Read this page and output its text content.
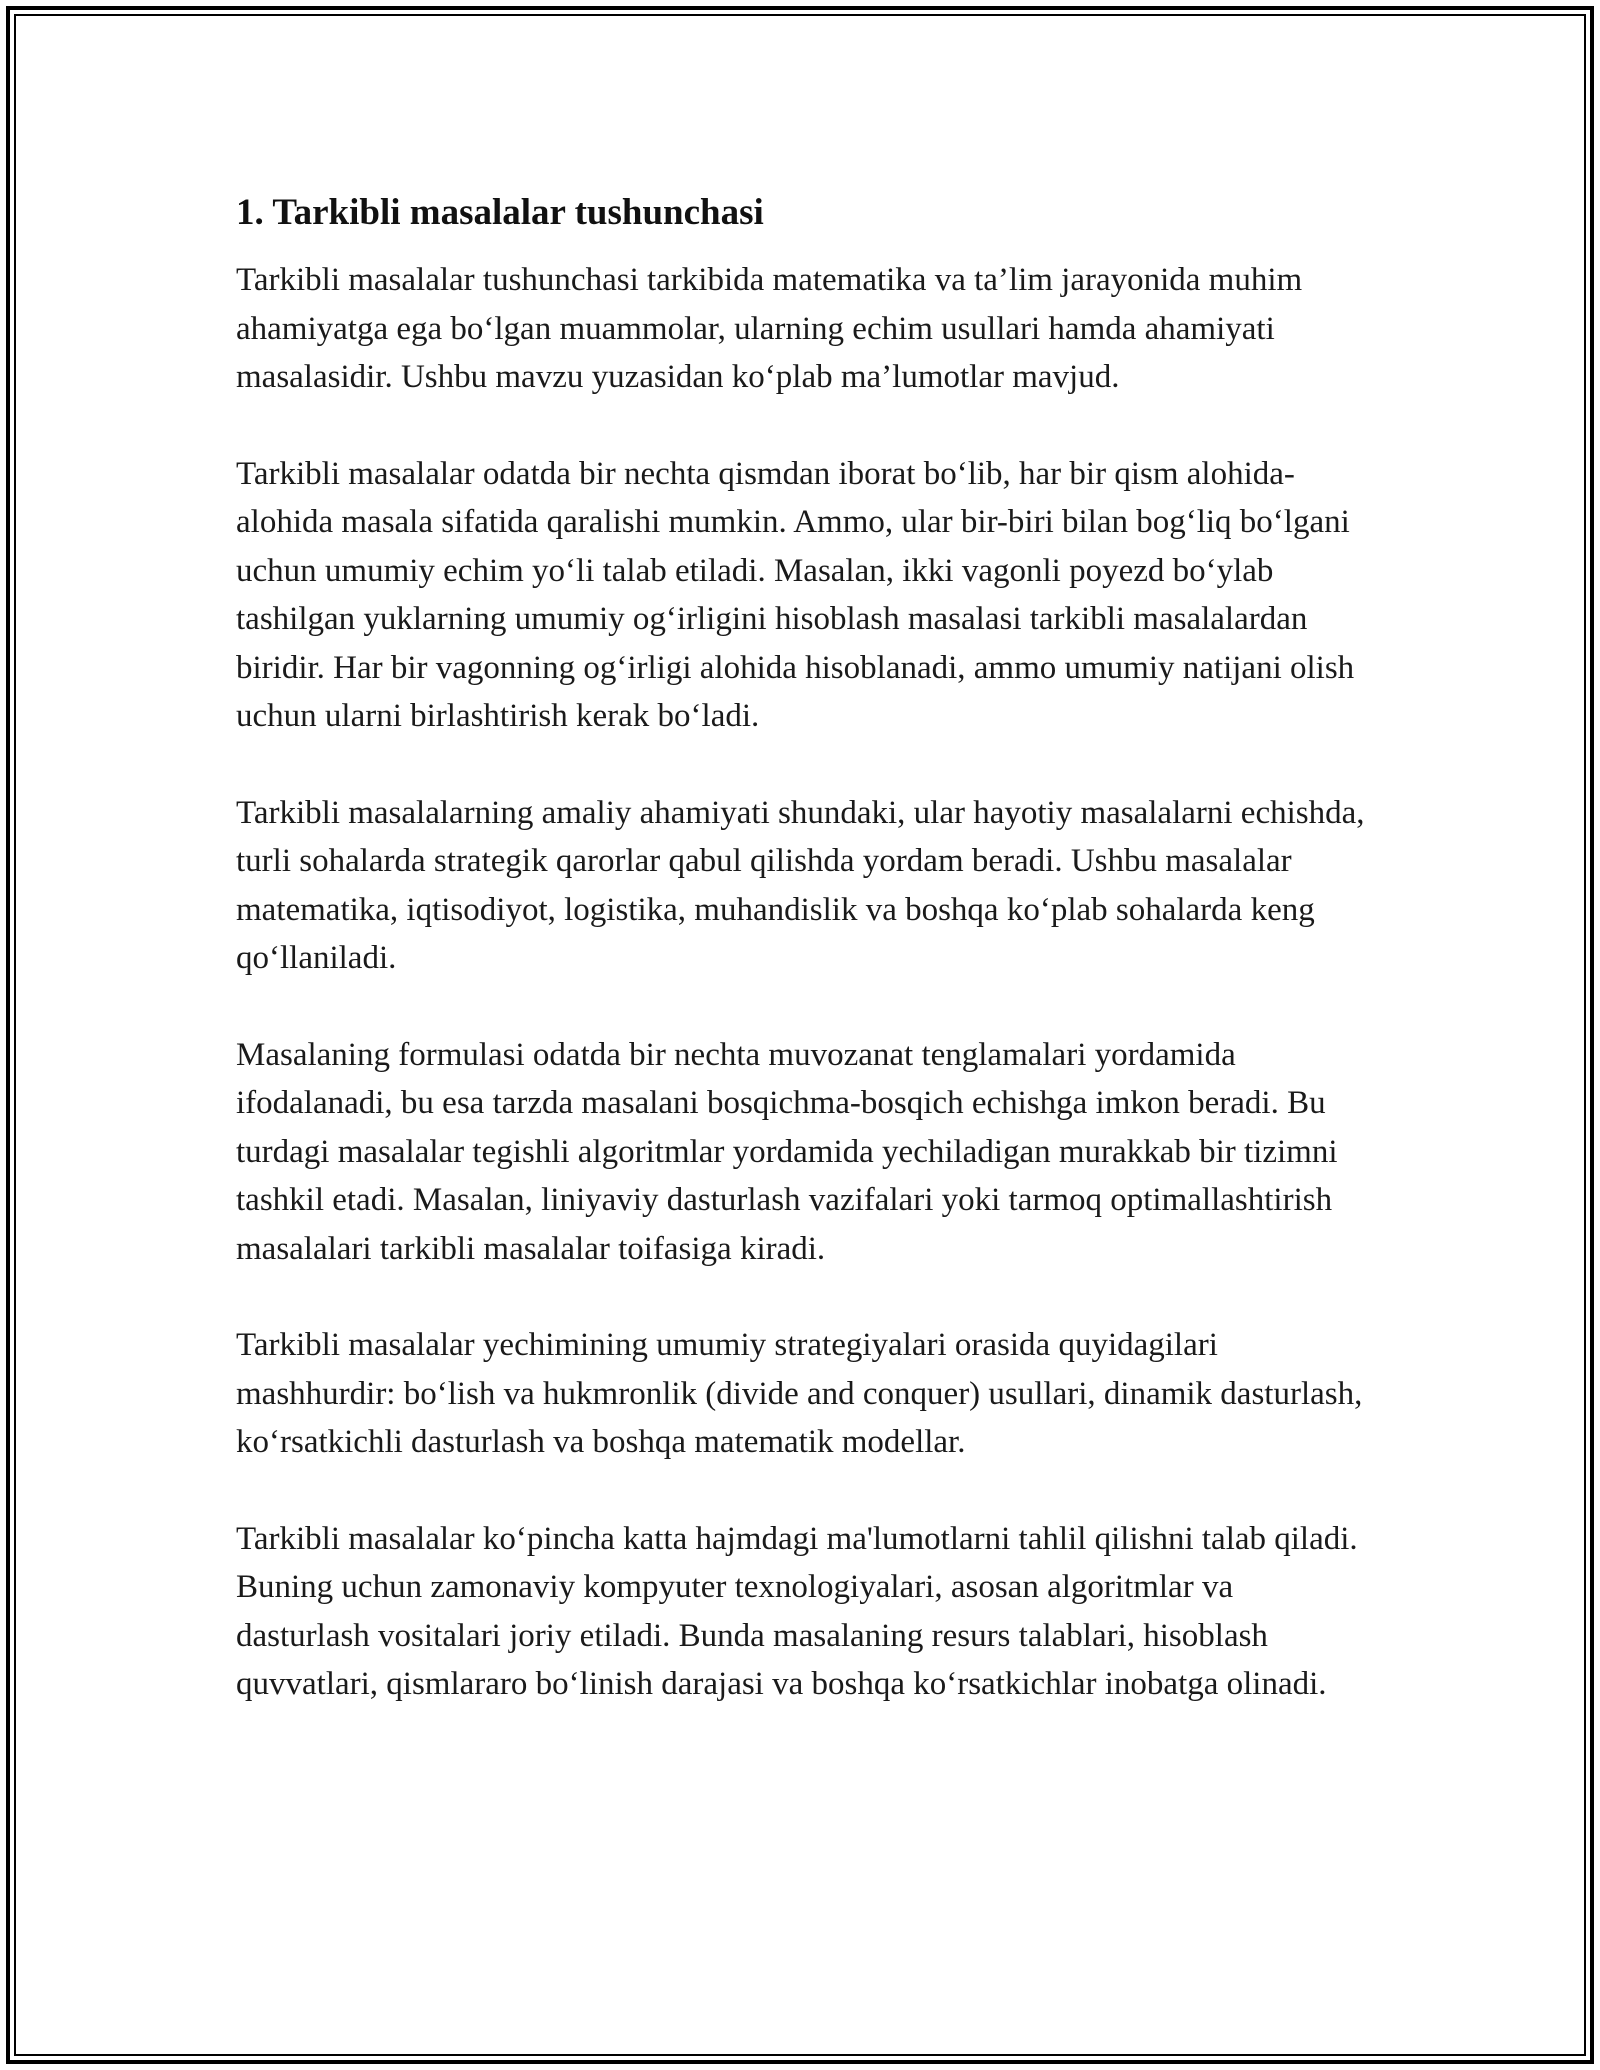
1. Tarkibli masalalar tushunchasi

Tarkibli masalalar tushunchasi tarkibida matematika va ta’lim jarayonida muhim ahamiyatga ega bo‘lgan muammolar, ularning echim usullari hamda ahamiyati masalasidir. Ushbu mavzu yuzasidan ko‘plab ma’lumotlar mavjud.

Tarkibli masalalar odatda bir nechta qismdan iborat bo‘lib, har bir qism alohida-alohida masala sifatida qaralishi mumkin. Ammo, ular bir-biri bilan bog‘liq bo‘lgani uchun umumiy echim yo‘li talab etiladi. Masalan, ikki vagonli poyezd bo‘ylab tashilgan yuklarning umumiy og‘irligini hisoblash masalasi tarkibli masalalardan biridir. Har bir vagonning og‘irligi alohida hisoblanadi, ammo umumiy natijani olish uchun ularni birlashtirish kerak bo‘ladi.

Tarkibli masalalarning amaliy ahamiyati shundaki, ular hayotiy masalalarni echishda, turli sohalarda strategik qarorlar qabul qilishda yordam beradi. Ushbu masalalar matematika, iqtisodiyot, logistika, muhandislik va boshqa ko‘plab sohalarda keng qo‘llaniladi.

Masalaning formulasi odatda bir nechta muvozanat tenglamalari yordamida ifodalanadi, bu esa tarzda masalani bosqichma-bosqich echishga imkon beradi. Bu turdagi masalalar tegishli algoritmlar yordamida yechiladigan murakkab bir tizimni tashkil etadi. Masalan, liniyaviy dasturlash vazifalari yoki tarmoq optimallashtirish masalalari tarkibli masalalar toifasiga kiradi.

Tarkibli masalalar yechimining umumiy strategiyalari orasida quyidagilari mashhurdir: bo‘lish va hukmronlik (divide and conquer) usullari, dinamik dasturlash, ko‘rsatkichli dasturlash va boshqa matematik modellar.

Tarkibli masalalar ko‘pincha katta hajmdagi ma'lumotlarni tahlil qilishni talab qiladi. Buning uchun zamonaviy kompyuter texnologiyalari, asosan algoritmlar va dasturlash vositalari joriy etiladi. Bunda masalaning resurs talablari, hisoblash quvvatlari, qismlararo bo‘linish darajasi va boshqa ko‘rsatkichlar inobatga olinadi.
